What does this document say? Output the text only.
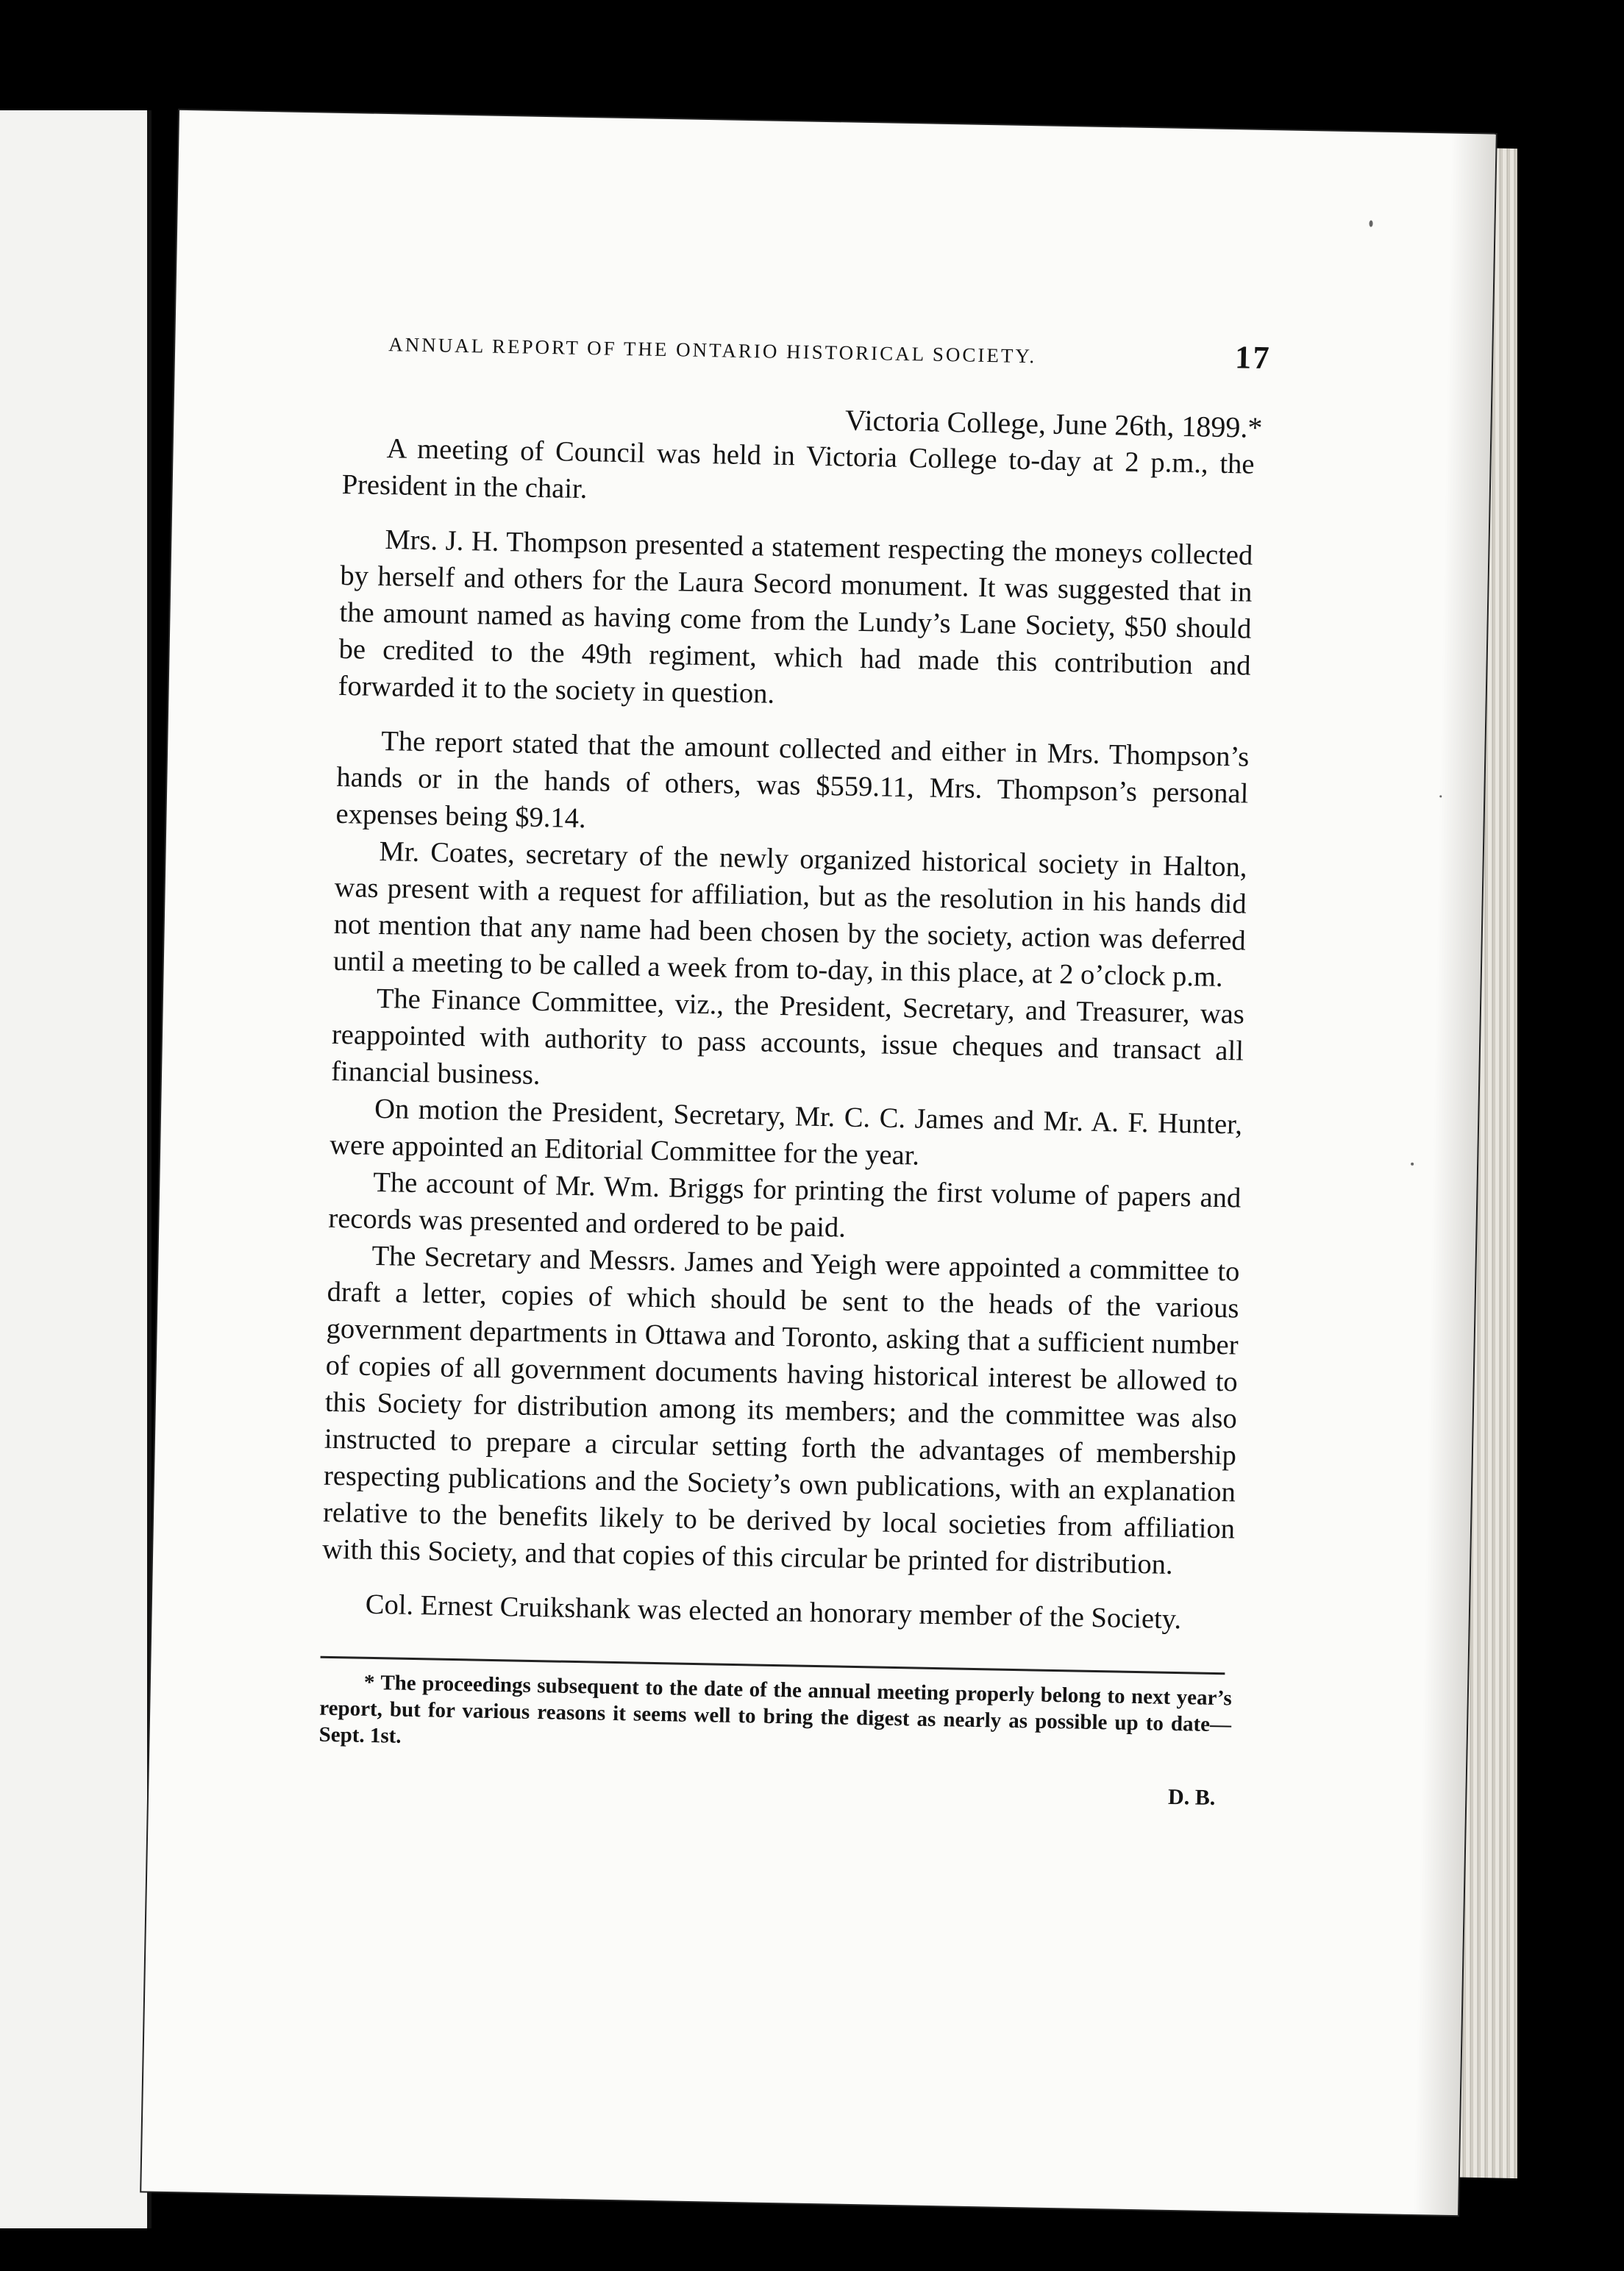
ANNUAL REPORT OF THE ONTARIO HISTORICAL SOCIETY.	17
Victoria College, June 26th, 1899.*

A meeting of Council was held in Victoria College to-day at 2 p.m., the President in the chair.

Mrs. J. H. Thompson presented a statement respecting the moneys collected by herself and others for the Laura Secord monument. It was suggested that in the amount named as having come from the Lundy’s Lane Society, $50 should be credited to the 49th regiment, which had made this contribution and forwarded it to the society in question.

The report stated that the amount collected and either in Mrs. Thompson’s hands or in the hands of others, was $559.11, Mrs. Thompson’s personal expenses being $9.14.

Mr. Coates, secretary of the newly organized historical society in Halton, was present with a request for affiliation, but as the resolution in his hands did not mention that any name had been chosen by the society, action was deferred until a meeting to be called a week from to-day, in this place, at 2 o’clock p.m.

The Finance Committee, viz., the President, Secretary, and Treasurer, was reappointed with authority to pass accounts, issue cheques and transact all financial business.

On motion the President, Secretary, Mr. C. C. James and Mr. A. F. Hunter, were appointed an Editorial Committee for the year.

The account of Mr. Wm. Briggs for printing the first volume of papers and records was presented and ordered to be paid.

The Secretary and Messrs. James and Yeigh were appointed a committee to draft a letter, copies of which should be sent to the heads of the various government departments in Ottawa and Toronto, asking that a sufficient number of copies of all government documents having historical interest be allowed to this Society for distribution among its members; and the committee was also instructed to prepare a circular setting forth the advantages of membership respecting publications and the Society’s own publications, with an explanation relative to the benefits likely to be derived by local societies from affiliation with this Society, and that copies of this circular be printed for distribution.

Col. Ernest Cruikshank was elected an honorary member of the Society.

* The proceedings subsequent to the date of the annual meeting properly belong to next year’s report, but for various reasons it seems well to bring the digest as nearly as possible up to date—Sept. 1st.

D. B.
